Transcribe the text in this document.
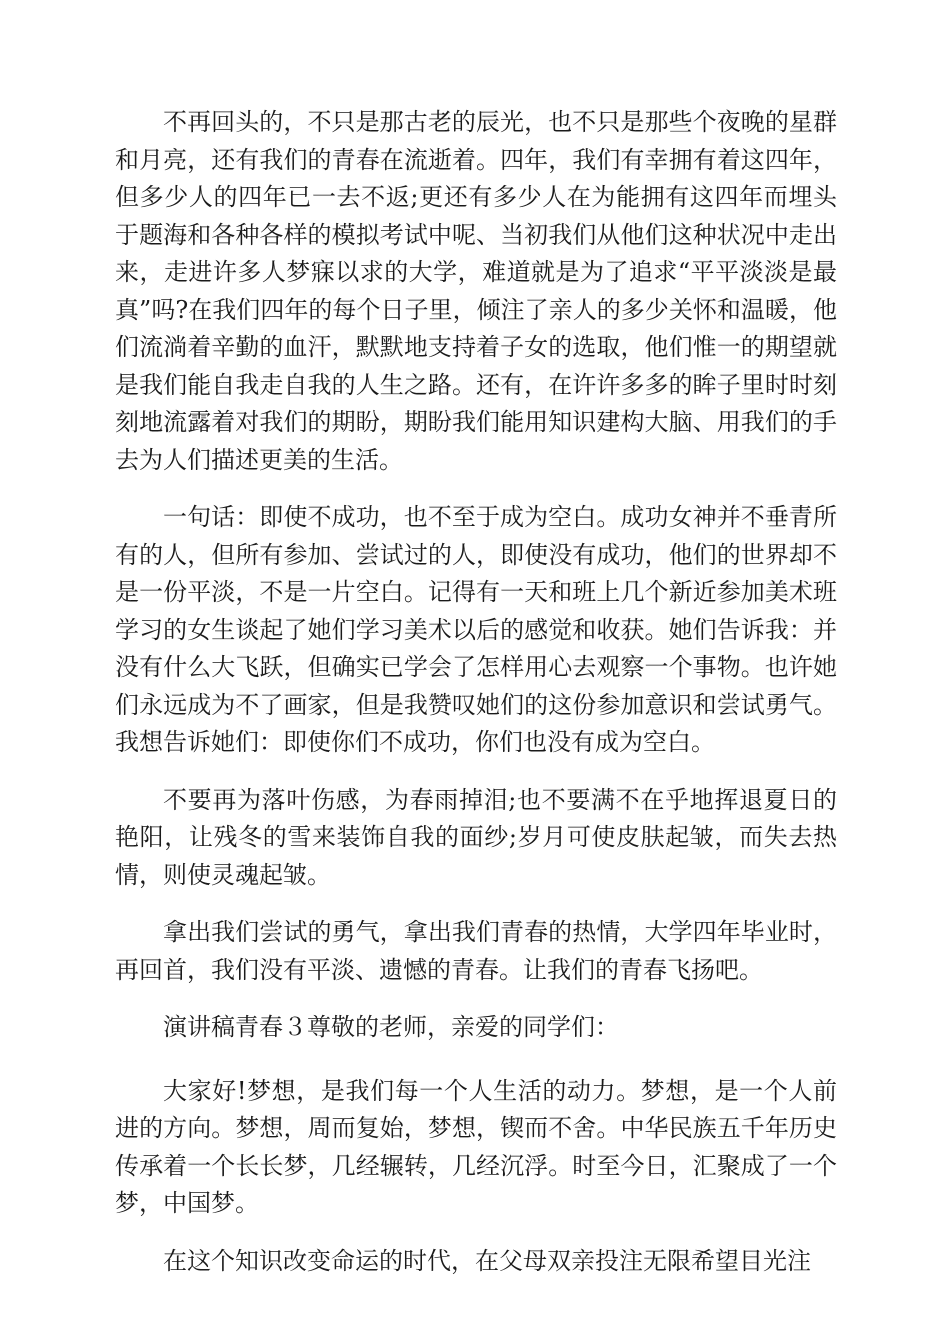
不再回头的，不只是那古老的辰光，也不只是那些个夜晚的星群和月亮，还有我们的青春在流逝着。四年，我们有幸拥有着这四年，但多少人的四年已一去不返;更还有多少人在为能拥有这四年而埋头于题海和各种各样的模拟考试中呢、当初我们从他们这种状况中走出来，走进许多人梦寐以求的大学，难道就是为了追求“平平淡淡是最真”吗?在我们四年的每个日子里，倾注了亲人的多少关怀和温暖，他们流淌着辛勤的血汗，默默地支持着子女的选取，他们惟一的期望就是我们能自我走自我的人生之路。还有，在许许多多的眸子里时时刻刻地流露着对我们的期盼，期盼我们能用知识建构大脑、用我们的手去为人们描述更美的生活。

一句话：即使不成功，也不至于成为空白。成功女神并不垂青所有的人，但所有参加、尝试过的人，即使没有成功，他们的世界却不是一份平淡，不是一片空白。记得有一天和班上几个新近参加美术班学习的女生谈起了她们学习美术以后的感觉和收获。她们告诉我：并没有什么大飞跃，但确实已学会了怎样用心去观察一个事物。也许她们永远成为不了画家，但是我赞叹她们的这份参加意识和尝试勇气。我想告诉她们：即使你们不成功，你们也没有成为空白。

不要再为落叶伤感，为春雨掉泪;也不要满不在乎地挥退夏日的艳阳，让残冬的雪来装饰自我的面纱;岁月可使皮肤起皱，而失去热情，则使灵魂起皱。

拿出我们尝试的勇气，拿出我们青春的热情，大学四年毕业时，再回首，我们没有平淡、遗憾的青春。让我们的青春飞扬吧。

演讲稿青春３尊敬的老师，亲爱的同学们：

大家好!梦想，是我们每一个人生活的动力。梦想，是一个人前进的方向。梦想，周而复始，梦想，锲而不舍。中华民族五千年历史传承着一个长长梦，几经辗转，几经沉浮。时至今日，汇聚成了一个梦，中国梦。

在这个知识改变命运的时代，在父母双亲投注无限希望目光注
